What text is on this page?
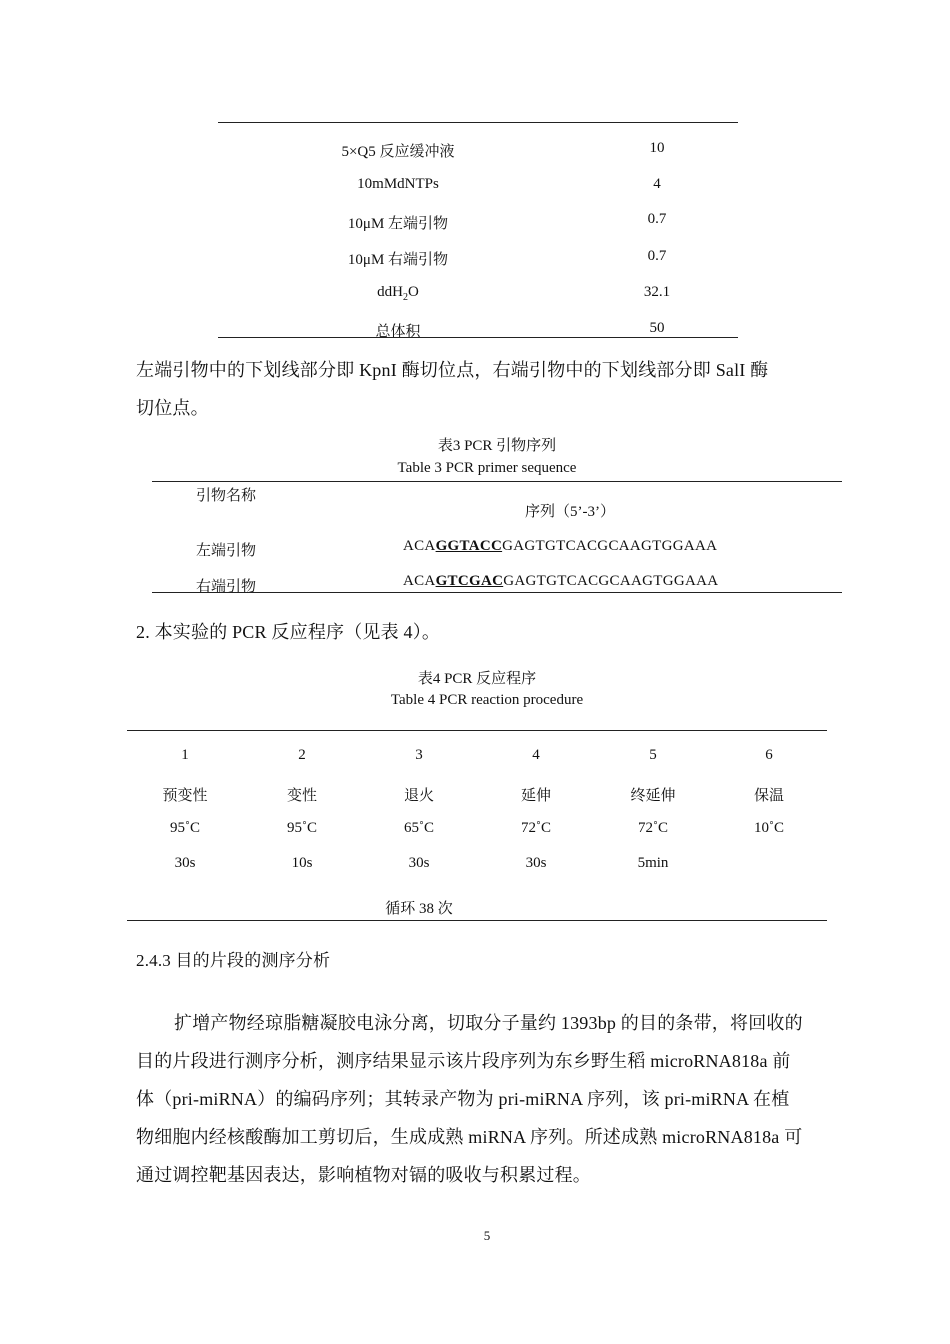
5×Q5 反应缓冲液	10
10mMdNTPs	4
10μM 左端引物	0.7
10μM 右端引物	0.7
ddH$_2$O	32.1
总体积	50
左端引物中的下划线部分即 KpnI 酶切位点，右端引物中的下划线部分即 SalI 酶
切位点。
表3 PCR 引物序列
Table 3 PCR primer sequence
引物名称
序列（5’-3’）
左端引物	ACAGGTACCGAGTGTCACGCAAGTGGAAA
右端引物	ACAGTCGACGAGTGTCACGCAAGTGGAAA
2. 本实验的 PCR 反应程序（见表 4）。
表4 PCR 反应程序
Table 4 PCR reaction procedure
1	2	3	4	5	6
预变性	变性	退火	延伸	终延伸	保温
95˚C	95˚C	65˚C	72˚C	72˚C	10˚C
30s	10s	30s	30s	5min
循环 38 次
2.4.3 目的片段的测序分析
扩增产物经琼脂糖凝胶电泳分离，切取分子量约 1393bp 的目的条带，将回收的
目的片段进行测序分析，测序结果显示该片段序列为东乡野生稻 microRNA818a 前
体（pri-miRNA）的编码序列；其转录产物为 pri-miRNA 序列，该 pri-miRNA 在植
物细胞内经核酸酶加工剪切后，生成成熟 miRNA 序列。所述成熟 microRNA818a 可
通过调控靶基因表达，影响植物对镉的吸收与积累过程。
5
